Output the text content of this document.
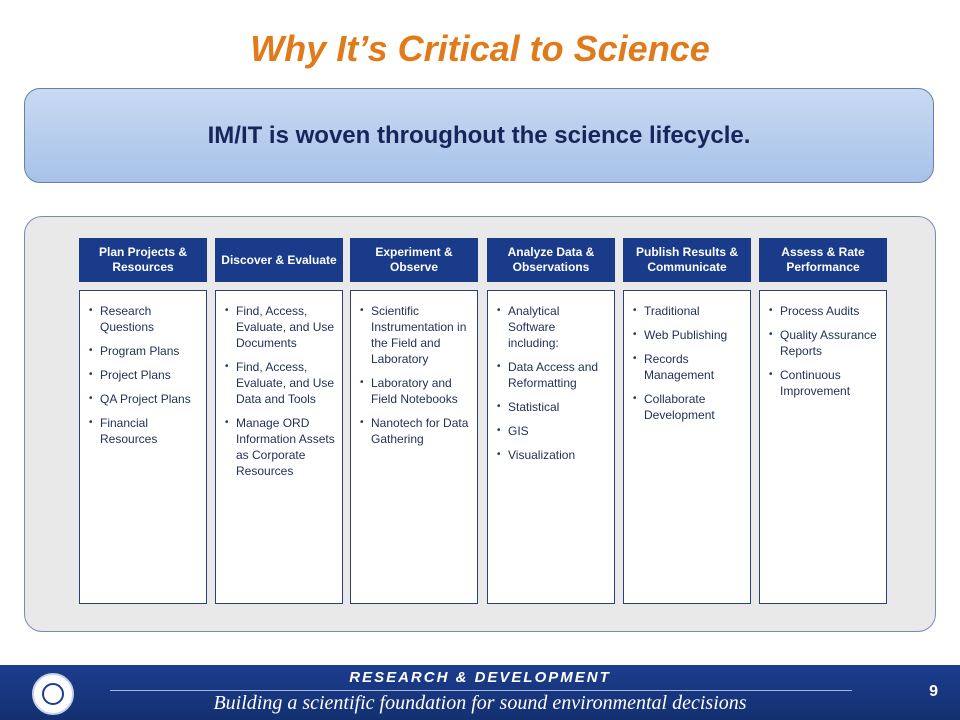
Why It’s Critical to Science
IM/IT is woven throughout the science lifecycle.
Plan Projects & Resources
• Research Questions
• Program Plans
• Project Plans
• QA Project Plans
• Financial Resources
Discover & Evaluate
• Find, Access, Evaluate, and Use Documents
• Find, Access, Evaluate, and Use Data and Tools
• Manage ORD Information Assets as Corporate Resources
Experiment & Observe
• Scientific Instrumentation in the Field and Laboratory
• Laboratory and Field Notebooks
• Nanotech for Data Gathering
Analyze Data & Observations
• Analytical Software including:
• Data Access and Reformatting
• Statistical
• GIS
• Visualization
Publish Results & Communicate
• Traditional
• Web Publishing
• Records Management
• Collaborate Development
Assess & Rate Performance
• Process Audits
• Quality Assurance Reports
• Continuous Improvement
RESEARCH & DEVELOPMENT
Building a scientific foundation for sound environmental decisions
9
